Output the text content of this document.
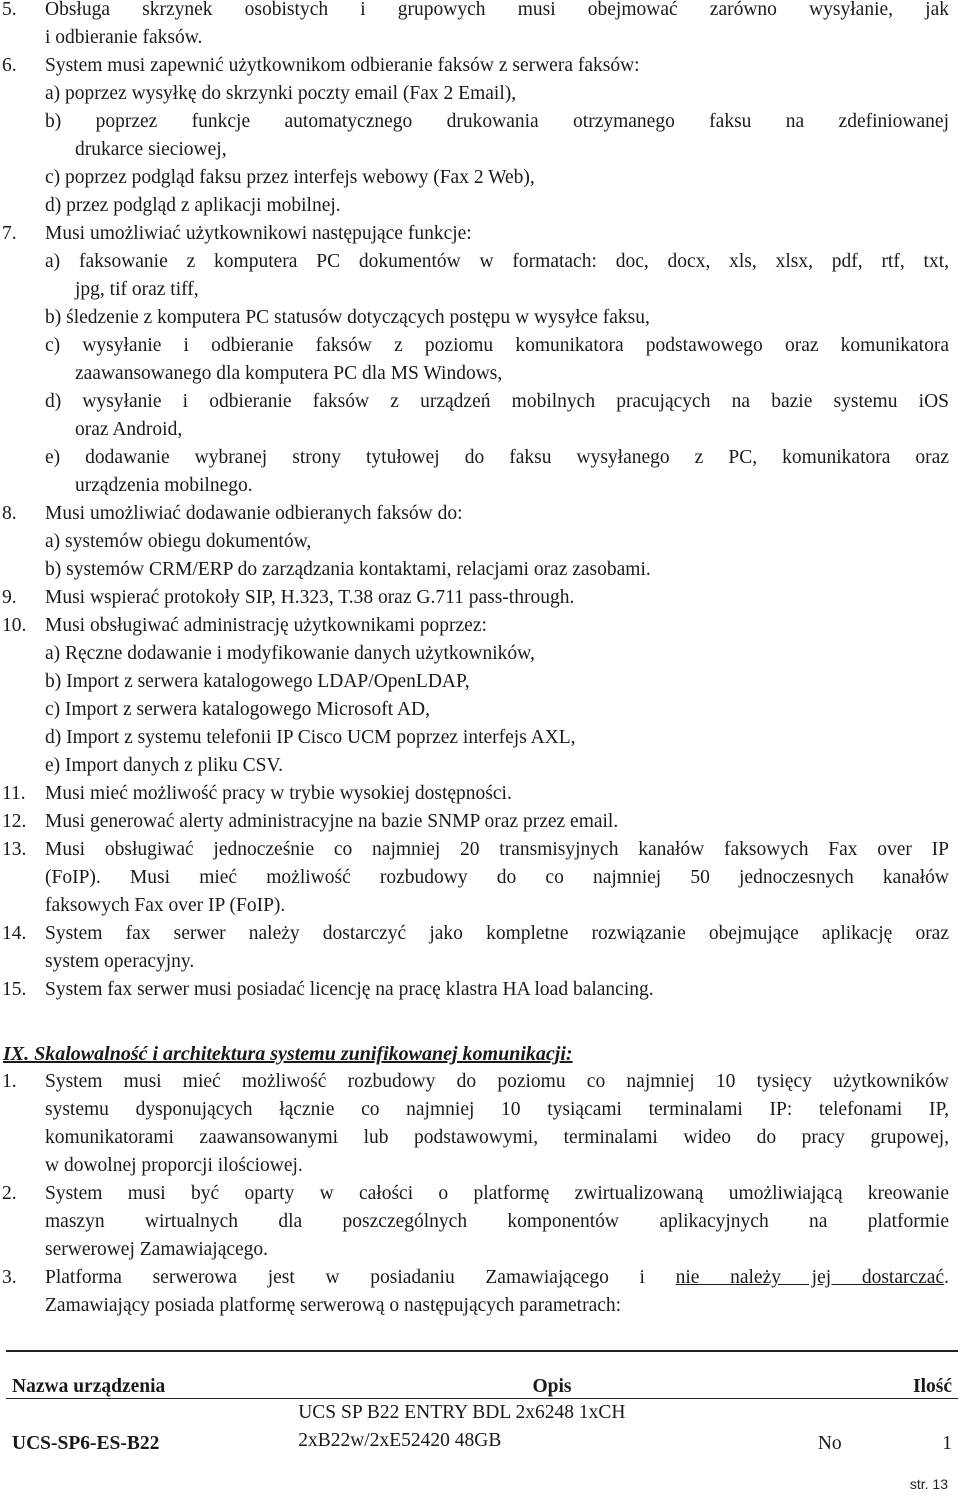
5. Obsługa skrzynek osobistych i grupowych musi obejmować zarówno wysyłanie, jak
i odbieranie faksów.
6. System musi zapewnić użytkownikom odbieranie faksów z serwera faksów:
a) poprzez wysyłkę do skrzynki poczty email (Fax 2 Email),
b) poprzez funkcje automatycznego drukowania otrzymanego faksu na zdefiniowanej
drukarce sieciowej,
c) poprzez podgląd faksu przez interfejs webowy (Fax 2 Web),
d) przez podgląd z aplikacji mobilnej.
7. Musi umożliwiać użytkownikowi następujące funkcje:
a) faksowanie z komputera PC dokumentów w formatach: doc, docx, xls, xlsx, pdf, rtf, txt,
jpg, tif oraz tiff,
b) śledzenie z komputera PC statusów dotyczących postępu w wysyłce faksu,
c) wysyłanie i odbieranie faksów z poziomu komunikatora podstawowego oraz komunikatora
zaawansowanego dla komputera PC dla MS Windows,
d) wysyłanie i odbieranie faksów z urządzeń mobilnych pracujących na bazie systemu iOS
oraz Android,
e) dodawanie wybranej strony tytułowej do faksu wysyłanego z PC, komunikatora oraz
urządzenia mobilnego.
8. Musi umożliwiać dodawanie odbieranych faksów do:
a) systemów obiegu dokumentów,
b) systemów CRM/ERP do zarządzania kontaktami, relacjami oraz zasobami.
9. Musi wspierać protokoły SIP, H.323, T.38 oraz G.711 pass-through.
10. Musi obsługiwać administrację użytkownikami poprzez:
a) Ręczne dodawanie i modyfikowanie danych użytkowników,
b) Import z serwera katalogowego LDAP/OpenLDAP,
c) Import z serwera katalogowego Microsoft AD,
d) Import z systemu telefonii IP Cisco UCM poprzez interfejs AXL,
e) Import danych z pliku CSV.
11. Musi mieć możliwość pracy w trybie wysokiej dostępności.
12. Musi generować alerty administracyjne na bazie SNMP oraz przez email.
13. Musi obsługiwać jednocześnie co najmniej 20 transmisyjnych kanałów faksowych Fax over IP
(FoIP). Musi mieć możliwość rozbudowy do co najmniej 50 jednoczesnych kanałów
faksowych Fax over IP (FoIP).
14. System fax serwer należy dostarczyć jako kompletne rozwiązanie obejmujące aplikację oraz
system operacyjny.
15. System fax serwer musi posiadać licencję na pracę klastra HA load balancing.
IX. Skalowalność i architektura systemu zunifikowanej komunikacji:
1. System musi mieć możliwość rozbudowy do poziomu co najmniej 10 tysięcy użytkowników
systemu dysponujących łącznie co najmniej 10 tysiącami terminalami IP: telefonami IP,
komunikatorami zaawansowanymi lub podstawowymi, terminalami wideo do pracy grupowej,
w dowolnej proporcji ilościowej.
2. System musi być oparty w całości o platformę zwirtualizowaną umożliwiającą kreowanie
maszyn wirtualnych dla poszczególnych komponentów aplikacyjnych na platformie
serwerowej Zamawiającego.
3. Platforma serwerowa jest w posiadaniu Zamawiającego i nie należy jej dostarczać.
Zamawiający posiada platformę serwerową o następujących parametrach:
Nazwa urządzenia	Opis	Ilość	
UCS-SP6-ES-B22	UCS SP B22 ENTRY BDL 2x6248 1xCH
2xB22w/2xE52420 48GB	No	1
str. 13
